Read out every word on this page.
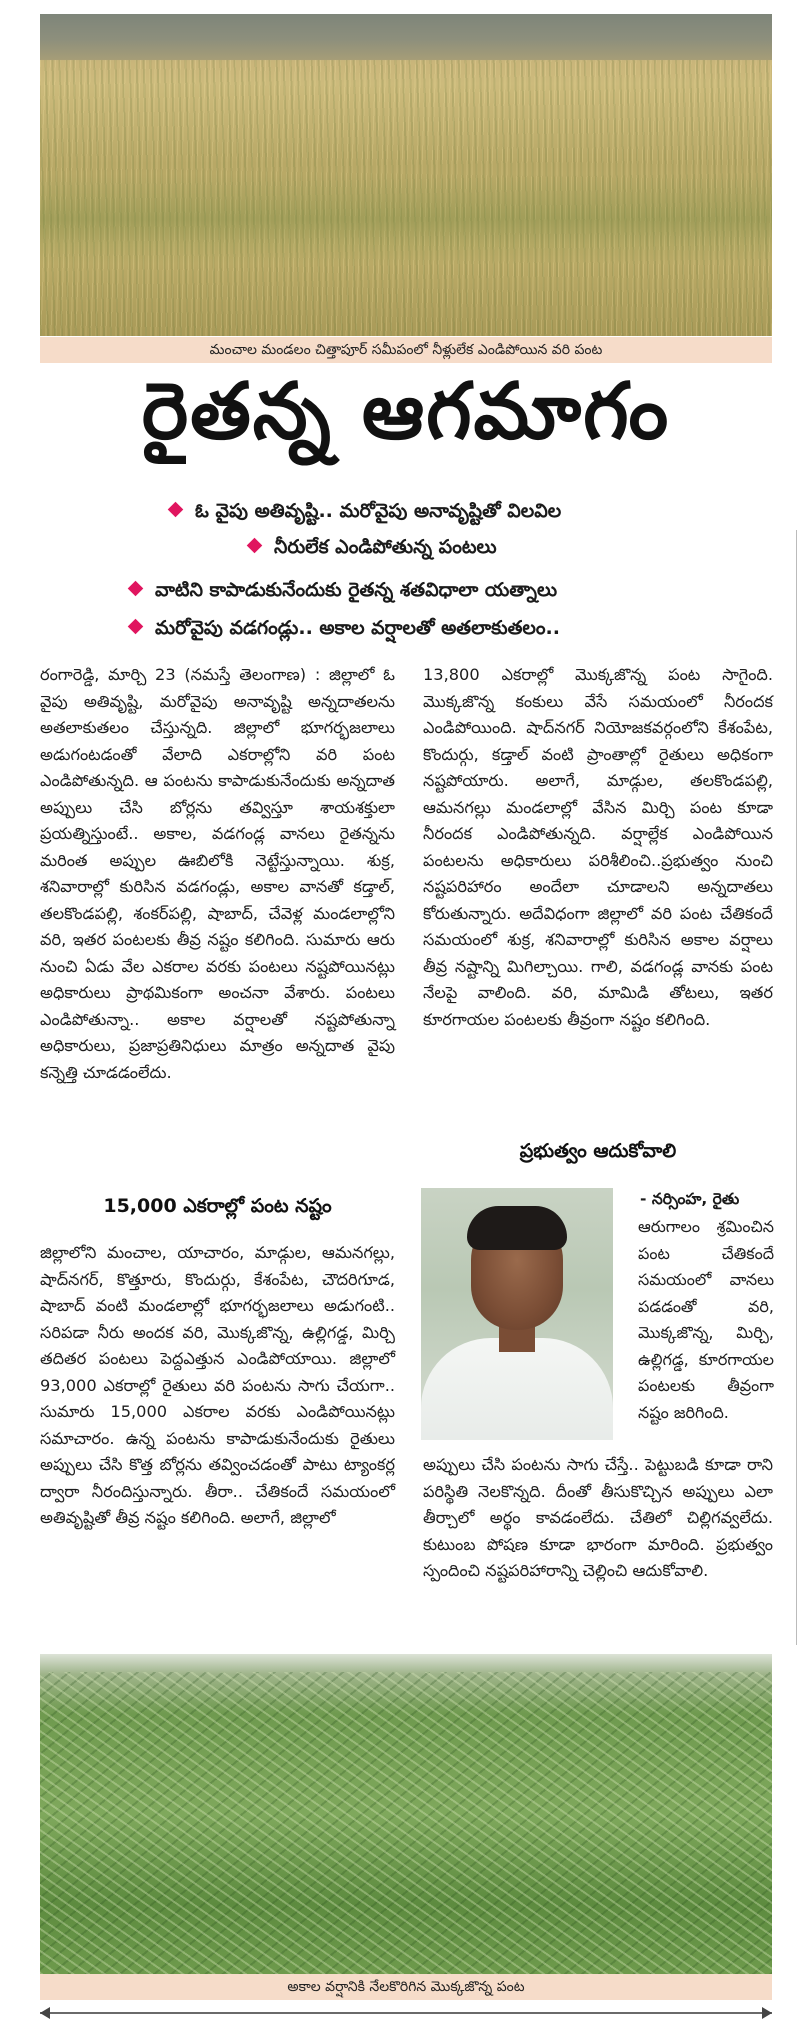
మంచాల మండలం చిత్తాపూర్ సమీపంలో నీళ్లులేక ఎండిపోయిన వరి పంట
రైతన్న ఆగమాగం
ఓ వైపు అతివృష్టి.. మరోవైపు అనావృష్టితో విలవిల
నీరులేక ఎండిపోతున్న పంటలు
వాటిని కాపాడుకునేందుకు రైతన్న శతవిధాలా యత్నాలు
మరోవైపు వడగండ్లు.. అకాల వర్షాలతో అతలాకుతలం..

రంగారెడ్డి, మార్చి 23 (నమస్తే తెలంగాణ) : జిల్లాలో ఓ వైపు అతివృష్టి, మరోవైపు అనావృష్టి అన్నదాతలను అతలాకుతలం చేస్తున్నది. జిల్లాలో భూగర్భజలాలు అడుగంటడంతో వేలాది ఎకరాల్లోని వరి పంట ఎండిపోతున్నది. ఆ పంటను కాపాడుకునేందుకు అన్నదాత అప్పులు చేసి బోర్లను తవ్విస్తూ శాయశక్తులా ప్రయత్నిస్తుంటే.. అకాల, వడగండ్ల వానలు రైతన్నను మరింత అప్పుల ఊబిలోకి నెట్టేస్తున్నాయి. శుక్ర, శనివారాల్లో కురిసిన వడగండ్లు, అకాల వానతో కడ్తాల్, తలకొండపల్లి, శంకర్‌పల్లి, షాబాద్, చేవెళ్ల మండలాల్లోని వరి, ఇతర పంటలకు తీవ్ర నష్టం కలిగింది. సుమారు ఆరు నుంచి ఏడు వేల ఎకరాల వరకు పంటలు నష్టపోయినట్లు అధికారులు ప్రాథమికంగా అంచనా వేశారు. పంటలు ఎండిపోతున్నా.. అకాల వర్షాలతో నష్టపోతున్నా అధికారులు, ప్రజాప్రతినిధులు మాత్రం అన్నదాత వైపు కన్నెత్తి చూడడంలేదు.

15,000 ఎకరాల్లో పంట నష్టం

జిల్లాలోని మంచాల, యాచారం, మాడ్గుల, ఆమనగల్లు, షాద్‌నగర్, కొత్తూరు, కొందుర్గు, కేశంపేట, చౌదరిగూడ, షాబాద్ వంటి మండలాల్లో భూగర్భజలాలు అడుగంటి.. సరిపడా నీరు అందక వరి, మొక్కజొన్న, ఉల్లిగడ్డ, మిర్చి తదితర పంటలు పెద్దఎత్తున ఎండిపోయాయి. జిల్లాలో 93,000 ఎకరాల్లో రైతులు వరి పంటను సాగు చేయగా.. సుమారు 15,000 ఎకరాల వరకు ఎండిపోయినట్లు సమాచారం. ఉన్న పంటను కాపాడుకునేందుకు రైతులు అప్పులు చేసి కొత్త బోర్లను తవ్వించడంతో పాటు ట్యాంకర్ల ద్వారా నీరందిస్తున్నారు. తీరా.. చేతికందే సమయంలో అతివృష్టితో తీవ్ర నష్టం కలిగింది. అలాగే, జిల్లాలో

13,800 ఎకరాల్లో మొక్కజొన్న పంట సాగైంది. మొక్కజొన్న కంకులు వేసే సమయంలో నీరందక ఎండిపోయింది. షాద్‌నగర్ నియోజకవర్గంలోని కేశంపేట, కొందుర్గు, కడ్తాల్ వంటి ప్రాంతాల్లో రైతులు అధికంగా నష్టపోయారు. అలాగే, మాడ్గుల, తలకొండపల్లి, ఆమనగల్లు మండలాల్లో వేసిన మిర్చి పంట కూడా నీరందక ఎండిపోతున్నది. వర్షాల్లేక ఎండిపోయిన పంటలను అధికారులు పరిశీలించి..ప్రభుత్వం నుంచి నష్టపరిహారం అందేలా చూడాలని అన్నదాతలు కోరుతున్నారు. అదేవిధంగా జిల్లాలో వరి పంట చేతికందే సమయంలో శుక్ర, శనివారాల్లో కురిసిన అకాల వర్షాలు తీవ్ర నష్టాన్ని మిగిల్చాయి. గాలి, వడగండ్ల వానకు పంట నేలపై వాలింది. వరి, మామిడి తోటలు, ఇతర కూరగాయల పంటలకు తీవ్రంగా నష్టం కలిగింది.

ప్రభుత్వం ఆదుకోవాలి
- నర్సింహ, రైతు

ఆరుగాలం శ్రమించిన పంట చేతికందే సమయంలో వానలు పడడంతో వరి, మొక్కజొన్న, మిర్చి, ఉల్లిగడ్డ, కూరగాయల పంటలకు తీవ్రంగా నష్టం జరిగింది.

అప్పులు చేసి పంటను సాగు చేస్తే.. పెట్టుబడి కూడా రాని పరిస్థితి నెలకొన్నది. దీంతో తీసుకొచ్చిన అప్పులు ఎలా తీర్చాలో అర్థం కావడంలేదు. చేతిలో చిల్లిగవ్వలేదు. కుటుంబ పోషణ కూడా భారంగా మారింది. ప్రభుత్వం స్పందించి నష్టపరిహారాన్ని చెల్లించి ఆదుకోవాలి.

అకాల వర్షానికి నేలకొరిగిన మొక్కజొన్న పంట
